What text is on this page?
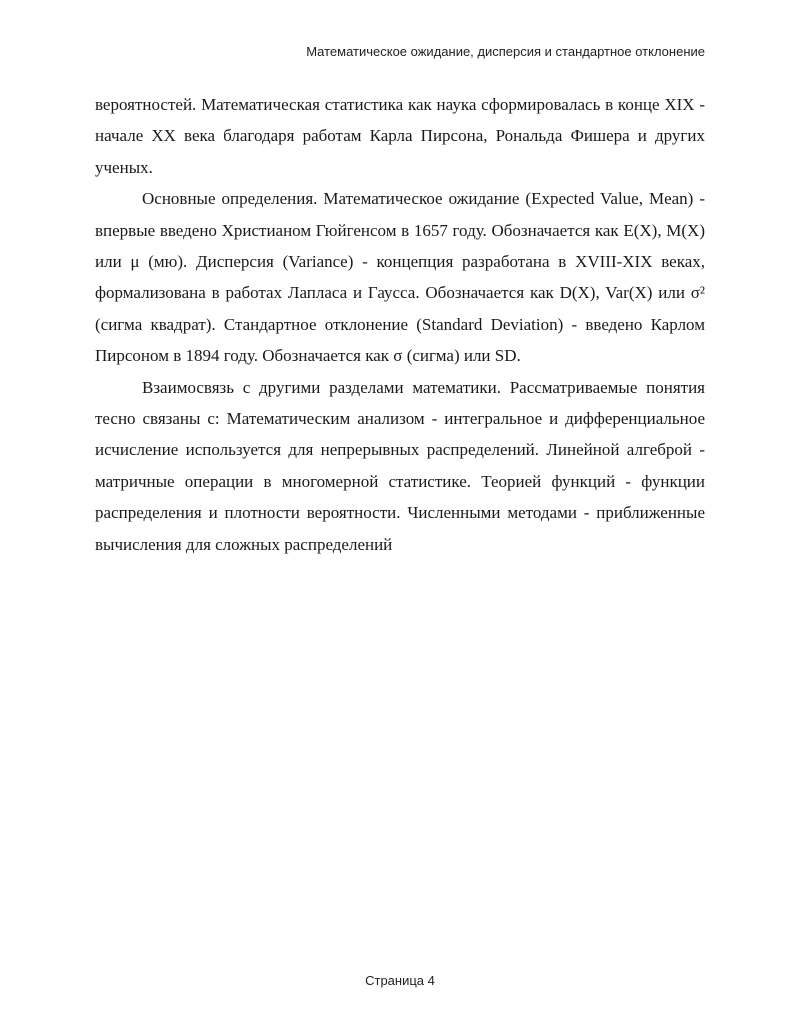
Математическое ожидание, дисперсия и стандартное отклонение

вероятностей. Математическая статистика как наука сформировалась в конце XIX - начале XX века благодаря работам Карла Пирсона, Рональда Фишера и других ученых.

Основные определения. Математическое ожидание (Expected Value, Mean) - впервые введено Христианом Гюйгенсом в 1657 году. Обозначается как E(X), M(X) или μ (мю). Дисперсия (Variance) - концепция разработана в XVIII-XIX веках, формализована в работах Лапласа и Гаусса. Обозначается как D(X), Var(X) или σ² (сигма квадрат). Стандартное отклонение (Standard Deviation) - введено Карлом Пирсоном в 1894 году. Обозначается как σ (сигма) или SD.

Взаимосвязь с другими разделами математики. Рассматриваемые понятия тесно связаны с: Математическим анализом - интегральное и дифференциальное исчисление используется для непрерывных распределений. Линейной алгеброй - матричные операции в многомерной статистике. Теорией функций - функции распределения и плотности вероятности. Численными методами - приближенные вычисления для сложных распределений

Страница 4
